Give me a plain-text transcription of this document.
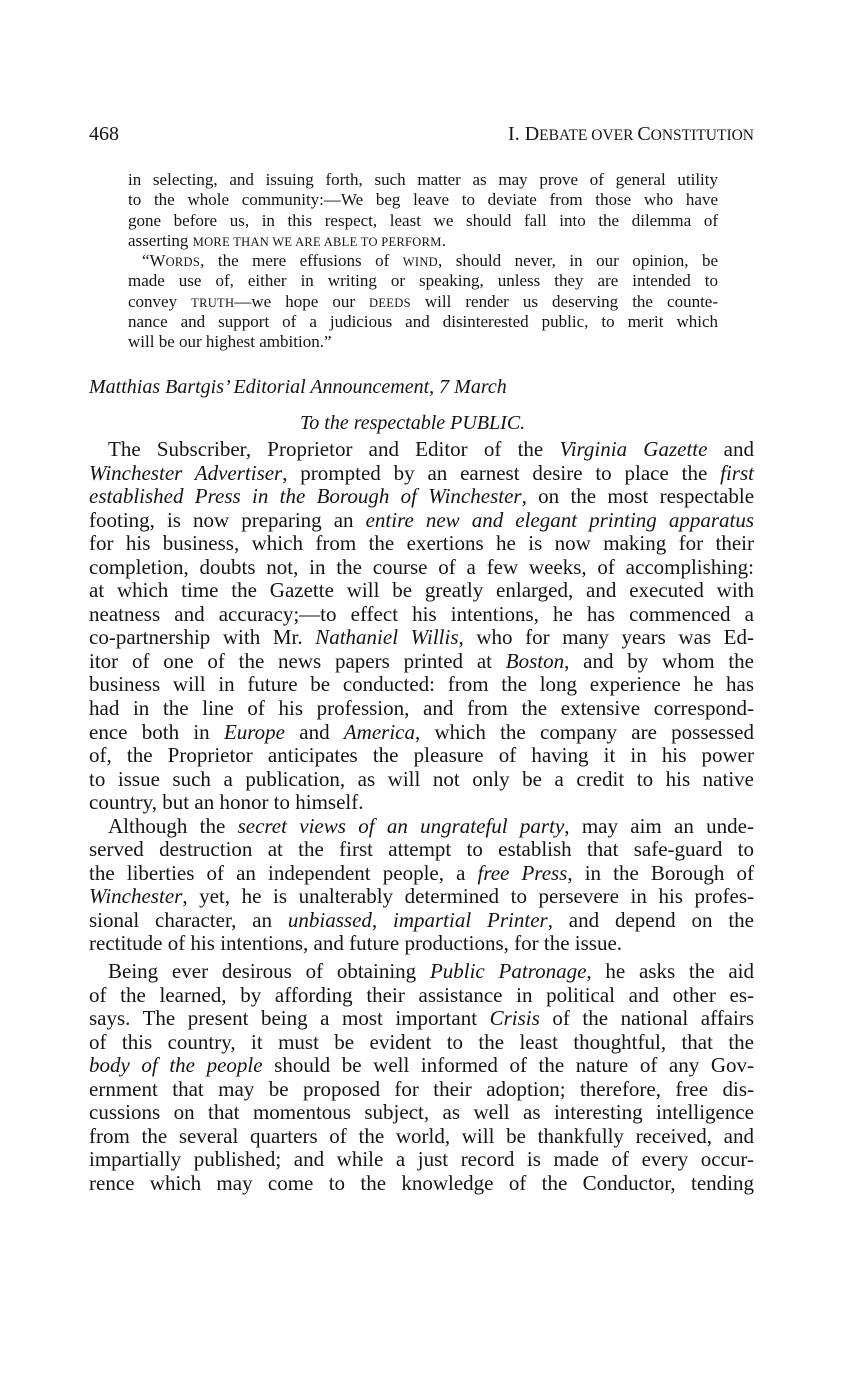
468	I. DEBATE OVER CONSTITUTION
in selecting, and issuing forth, such matter as may prove of general utility
to the whole community:—We beg leave to deviate from those who have
gone before us, in this respect, least we should fall into the dilemma of
asserting MORE THAN WE ARE ABLE TO PERFORM.
“WORDS, the mere effusions of WIND, should never, in our opinion, be
made use of, either in writing or speaking, unless they are intended to
convey TRUTH—we hope our DEEDS will render us deserving the counte-
nance and support of a judicious and disinterested public, to merit which
will be our highest ambition.”
Matthias Bartgis’ Editorial Announcement, 7 March
To the respectable PUBLIC.
The Subscriber, Proprietor and Editor of the Virginia Gazette and
Winchester Advertiser, prompted by an earnest desire to place the first
established Press in the Borough of Winchester, on the most respectable
footing, is now preparing an entire new and elegant printing apparatus
for his business, which from the exertions he is now making for their
completion, doubts not, in the course of a few weeks, of accomplishing:
at which time the Gazette will be greatly enlarged, and executed with
neatness and accuracy;—to effect his intentions, he has commenced a
co-partnership with Mr. Nathaniel Willis, who for many years was Ed-
itor of one of the news papers printed at Boston, and by whom the
business will in future be conducted: from the long experience he has
had in the line of his profession, and from the extensive correspond-
ence both in Europe and America, which the company are possessed
of, the Proprietor anticipates the pleasure of having it in his power
to issue such a publication, as will not only be a credit to his native
country, but an honor to himself.
Although the secret views of an ungrateful party, may aim an unde-
served destruction at the first attempt to establish that safe-guard to
the liberties of an independent people, a free Press, in the Borough of
Winchester, yet, he is unalterably determined to persevere in his profes-
sional character, an unbiassed, impartial Printer, and depend on the
rectitude of his intentions, and future productions, for the issue.
Being ever desirous of obtaining Public Patronage, he asks the aid
of the learned, by affording their assistance in political and other es-
says. The present being a most important Crisis of the national affairs
of this country, it must be evident to the least thoughtful, that the
body of the people should be well informed of the nature of any Gov-
ernment that may be proposed for their adoption; therefore, free dis-
cussions on that momentous subject, as well as interesting intelligence
from the several quarters of the world, will be thankfully received, and
impartially published; and while a just record is made of every occur-
rence which may come to the knowledge of the Conductor, tending
